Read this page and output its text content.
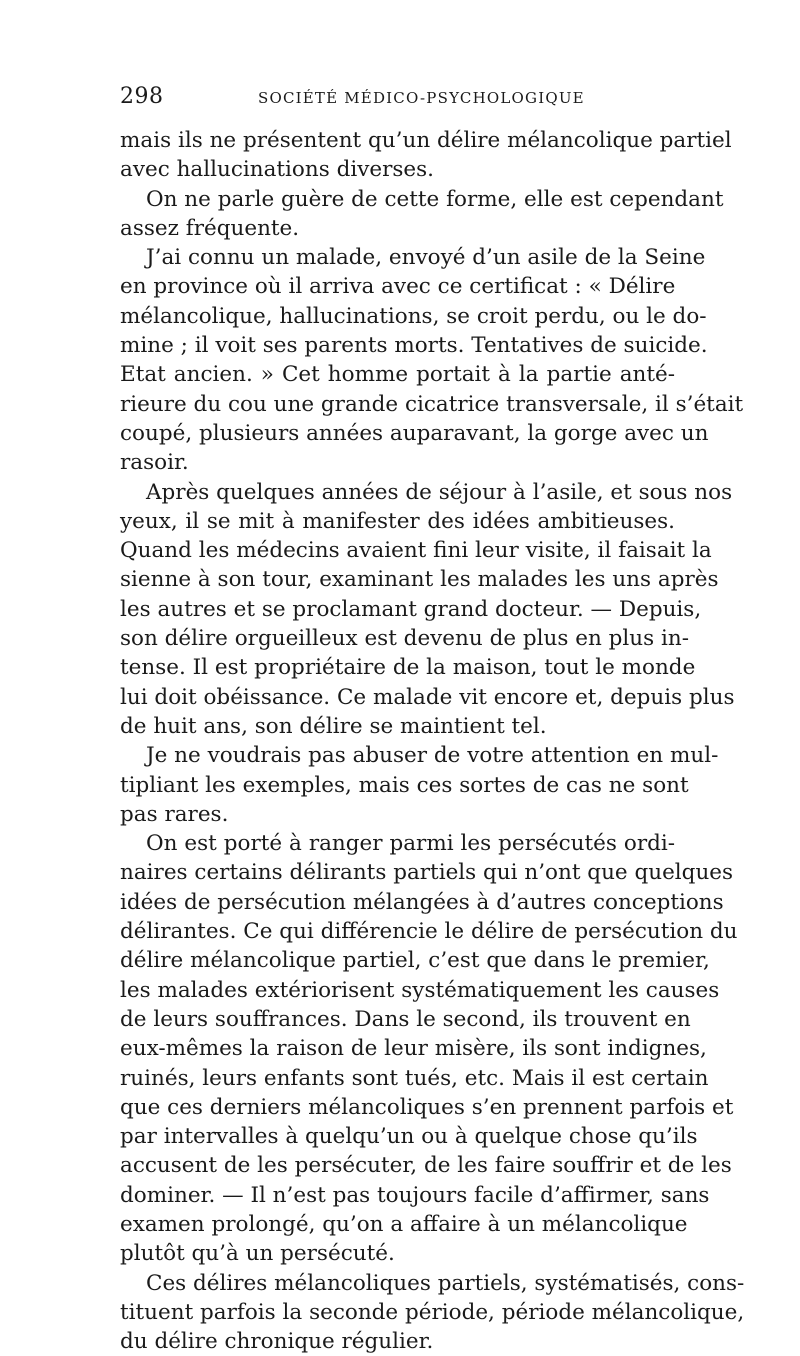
298	SOCIÉTÉ MÉDICO-PSYCHOLOGIQUE
mais ils ne présentent qu’un délire mélancolique partiel
avec hallucinations diverses.
On ne parle guère de cette forme, elle est cependant
assez fréquente.
J’ai connu un malade, envoyé d’un asile de la Seine
en province où il arriva avec ce certificat : « Délire
mélancolique, hallucinations, se croit perdu, ou le do-
mine ; il voit ses parents morts. Tentatives de suicide.
Etat ancien. » Cet homme portait à la partie anté-
rieure du cou une grande cicatrice transversale, il s’était
coupé, plusieurs années auparavant, la gorge avec un
rasoir.
Après quelques années de séjour à l’asile, et sous nos
yeux, il se mit à manifester des idées ambitieuses.
Quand les médecins avaient fini leur visite, il faisait la
sienne à son tour, examinant les malades les uns après
les autres et se proclamant grand docteur. — Depuis,
son délire orgueilleux est devenu de plus en plus in-
tense. Il est propriétaire de la maison, tout le monde
lui doit obéissance. Ce malade vit encore et, depuis plus
de huit ans, son délire se maintient tel.
Je ne voudrais pas abuser de votre attention en mul-
tipliant les exemples, mais ces sortes de cas ne sont
pas rares.
On est porté à ranger parmi les persécutés ordi-
naires certains délirants partiels qui n’ont que quelques
idées de persécution mélangées à d’autres conceptions
délirantes. Ce qui différencie le délire de persécution du
délire mélancolique partiel, c’est que dans le premier,
les malades extériorisent systématiquement les causes
de leurs souffrances. Dans le second, ils trouvent en
eux-mêmes la raison de leur misère, ils sont indignes,
ruinés, leurs enfants sont tués, etc. Mais il est certain
que ces derniers mélancoliques s’en prennent parfois et
par intervalles à quelqu’un ou à quelque chose qu’ils
accusent de les persécuter, de les faire souffrir et de les
dominer. — Il n’est pas toujours facile d’affirmer, sans
examen prolongé, qu’on a affaire à un mélancolique
plutôt qu’à un persécuté.
Ces délires mélancoliques partiels, systématisés, cons-
tituent parfois la seconde période, période mélancolique,
du délire chronique régulier.
